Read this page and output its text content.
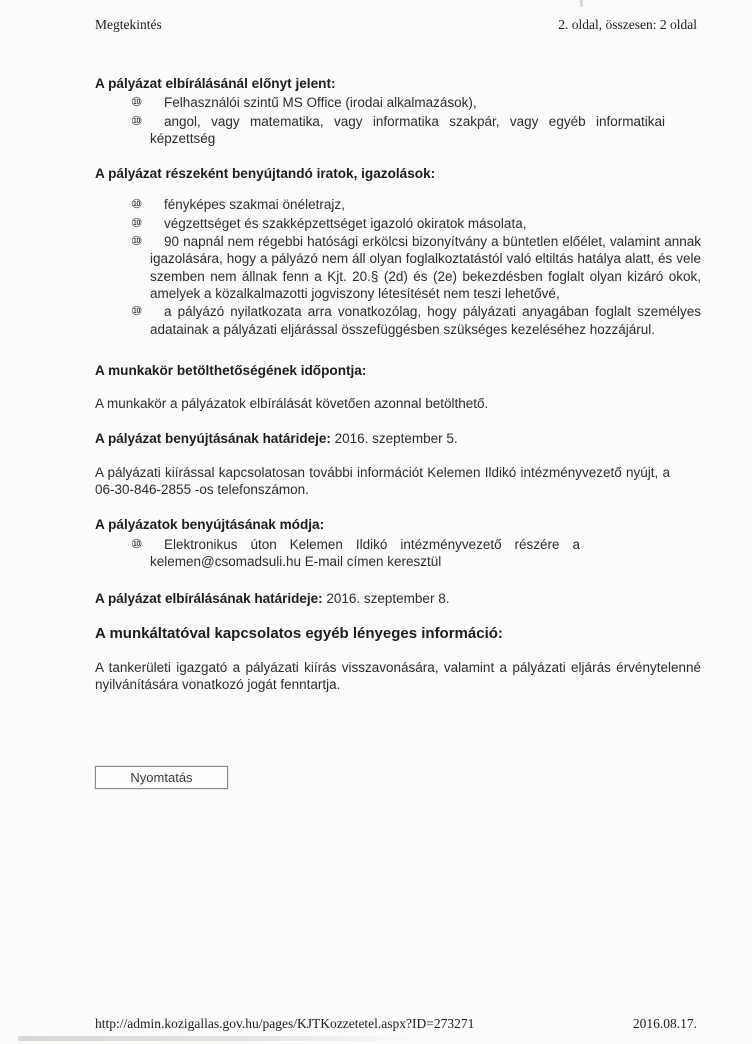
Megtekintés	2. oldal, összesen: 2 oldal
A pályázat elbírálásánál előnyt jelent:
⑩ Felhasználói szintű MS Office (irodai alkalmazások),
⑩ angol, vagy matematika, vagy informatika szakpár, vagy egyéb informatikai képzettség
A pályázat részeként benyújtandó iratok, igazolások:
⑩ fényképes szakmai önéletrajz,
⑩ végzettséget és szakképzettséget igazoló okiratok másolata,
⑩ 90 napnál nem régebbi hatósági erkölcsi bizonyítvány a büntetlen előélet, valamint annak igazolására, hogy a pályázó nem áll olyan foglalkoztatástól való eltiltás hatálya alatt, és vele szemben nem állnak fenn a Kjt. 20.§ (2d) és (2e) bekezdésben foglalt olyan kizáró okok, amelyek a közalkalmazotti jogviszony létesítését nem teszi lehetővé,
⑩ a pályázó nyilatkozata arra vonatkozólag, hogy pályázati anyagában foglalt személyes adatainak a pályázati eljárással összefüggésben szükséges kezeléséhez hozzájárul.
A munkakör betölthetőségének időpontja:

A munkakör a pályázatok elbírálását követően azonnal betölthető.

A pályázat benyújtásának határideje: 2016. szeptember 5.

A pályázati kiírással kapcsolatosan további információt Kelemen Ildikó intézményvezető nyújt, a 06-30-846-2855 -os telefonszámon.

A pályázatok benyújtásának módja:
⑩ Elektronikus úton Kelemen Ildikó intézményvezető részére a kelemen@csomadsuli.hu E-mail címen keresztül
A pályázat elbírálásának határideje: 2016. szeptember 8.
A munkáltatóval kapcsolatos egyéb lényeges információ:

A tankerületi igazgató a pályázati kiírás visszavonására, valamint a pályázati eljárás érvénytelenné nyilvánítására vonatkozó jogát fenntartja.

Nyomtatás
http://admin.kozigallas.gov.hu/pages/KJTKozzetetel.aspx?ID=273271	2016.08.17.
